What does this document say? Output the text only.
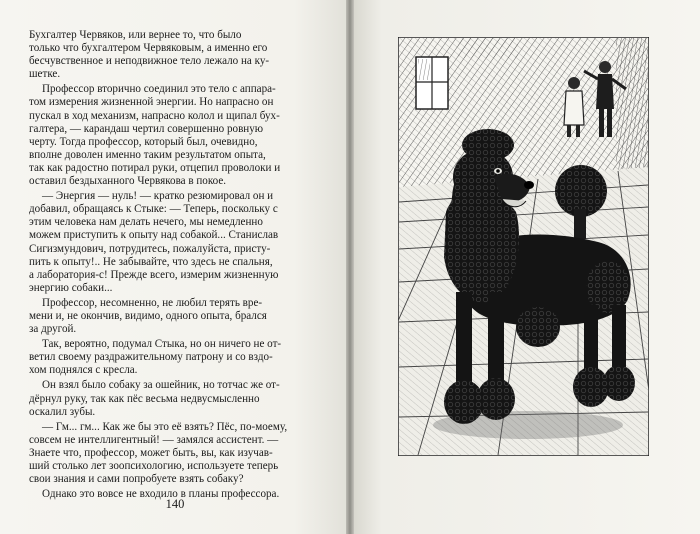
Бухгалтер Червяков, или вернее то, что было
только что бухгалтером Червяковым, а именно его
бесчувственное и неподвижное тело лежало на ку-
шетке.

Профессор вторично соединил это тело с аппара-
том измерения жизненной энергии. Но напрасно он
пускал в ход механизм, напрасно колол и щипал бух-
галтера, — карандаш чертил совершенно ровную
черту. Тогда профессор, который был, очевидно,
вполне доволен именно таким результатом опыта,
так как радостно потирал руки, отцепил проволоки и
оставил бездыханного Червякова в покое.

— Энергия — нуль! — кратко резюмировал он и
добавил, обращаясь к Стыке: — Теперь, поскольку с
этим человека нам делать нечего, мы немедленно
можем приступить к опыту над собакой... Станислав
Сигизмундович, потрудитесь, пожалуйста, присту-
пить к опыту!.. Не забывайте, что здесь не спальня,
а лаборатория-с! Прежде всего, измерим жизненную
энергию собаки...

Профессор, несомненно, не любил терять вре-
мени и, не окончив, видимо, одного опыта, брался
за другой.

Так, вероятно, подумал Стыка, но он ничего не от-
ветил своему раздражительному патрону и со вздо-
хом поднялся с кресла.

Он взял было собаку за ошейник, но тотчас же от-
дёрнул руку, так как пёс весьма недвусмысленно
оскалил зубы.

— Гм... гм... Как же бы это её взять? Пёс, по-моему,
совсем не интеллигентный! — замялся ассистент. —
Знаете что, профессор, может быть, вы, как изучав-
ший столько лет зоопсихологию, используете теперь
свои знания и сами попробуете взять собаку?

Однако это вовсе не входило в планы профессора.

140
